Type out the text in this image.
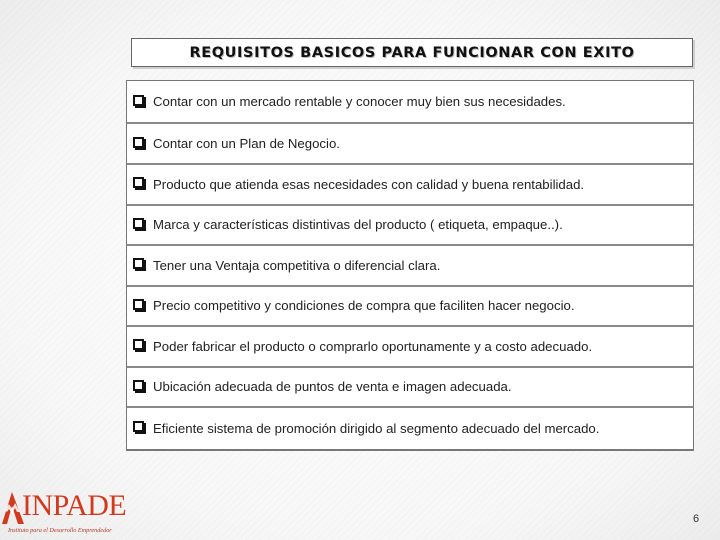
REQUISITOS BASICOS PARA FUNCIONAR CON EXITO
Contar con un mercado rentable y conocer muy bien sus necesidades.
Contar con un Plan de Negocio.
Producto que atienda esas necesidades con calidad y buena rentabilidad.
Marca y características distintivas del producto ( etiqueta, empaque..).
Tener una Ventaja competitiva o diferencial clara.
Precio competitivo y condiciones de compra que faciliten hacer negocio.
Poder fabricar el producto o comprarlo oportunamente y a costo adecuado.
Ubicación adecuada de puntos de venta e imagen adecuada.
Eficiente sistema de promoción dirigido al segmento adecuado del mercado.
INPADE
Instituto para el Desarrollo Emprendedor
6
